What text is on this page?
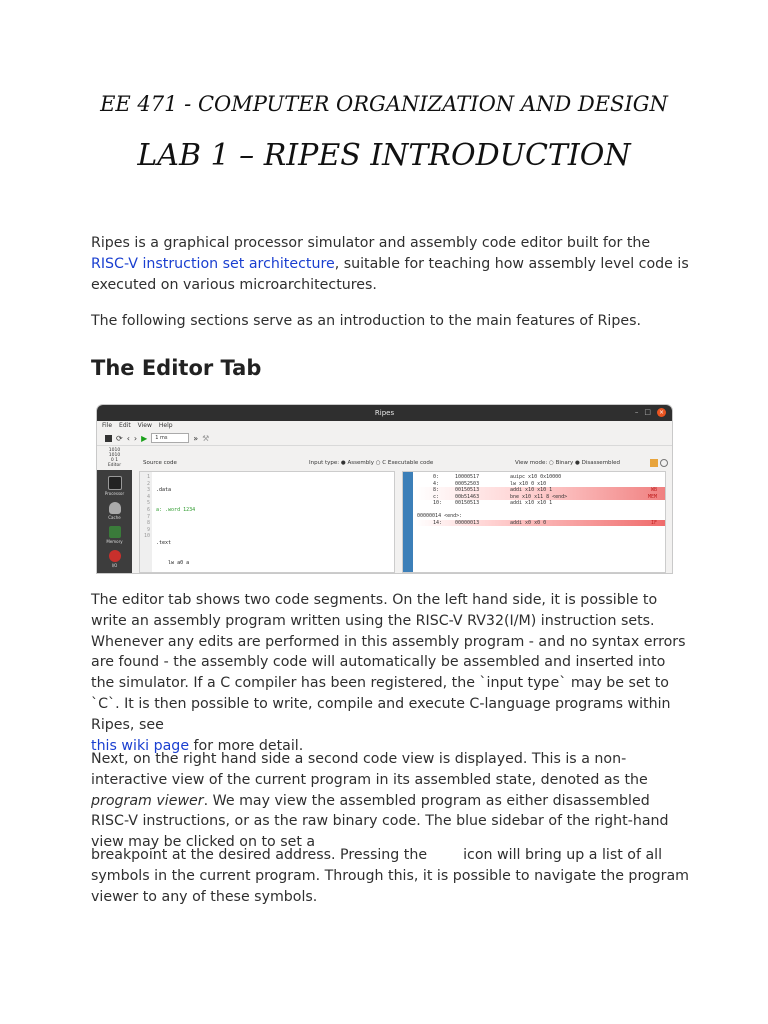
EE 471 - COMPUTER ORGANIZATION AND DESIGN
LAB 1 – RIPES INTRODUCTION

Ripes is a graphical processor simulator and assembly code editor built for the RISC-V instruction set architecture, suitable for teaching how assembly level code is executed on various microarchitectures.

The following sections serve as an introduction to the main features of Ripes.

The Editor Tab
Ripes	– □	×
File Edit View Help
⟳ ‹ › ▶	1 ms	» ⚒
1010
1010
0 1
Editor
Processor
Cache
Memory
I/O
Source code	Input type: ● Assembly ○ C Executable code	View mode: ○ Binary ● Disassembled
1
2
3
4
5
6
7
8
9
10

.data

a: .word 1234

.text

lw a0 a

0:	10000517	auipc x10 0x10000
4:	00052503	lw x10 0 x10
8:	00150513	addi x10 x10 1	WB
c:	00b51463	bne x10 x11 8 <end>	MEM
10:	00150513	addi x10 x10 1
00000014 <end>:
14:	00000013	addi x0 x0 0	IF

The editor tab shows two code segments. On the left hand side, it is possible to write an assembly program written using the RISC-V RV32(I/M) instruction sets. Whenever any edits are performed in this assembly program - and no syntax errors are found - the assembly code will automatically be assembled and inserted into the simulator. If a C compiler has been registered, the `input type` may be set to `C`. It is then possible to write, compile and execute C-language programs within Ripes, see
this wiki page for more detail.

Next, on the right hand side a second code view is displayed. This is a non-interactive view of the current program in its assembled state, denoted as the program viewer. We may view the assembled program as either disassembled RISC-V instructions, or as the raw binary code. The blue sidebar of the right-hand view may be clicked on to set a

breakpoint at the desired address. Pressing the	icon will bring up a list of all symbols in the current program. Through this, it is possible to navigate the program viewer to any of these symbols.
